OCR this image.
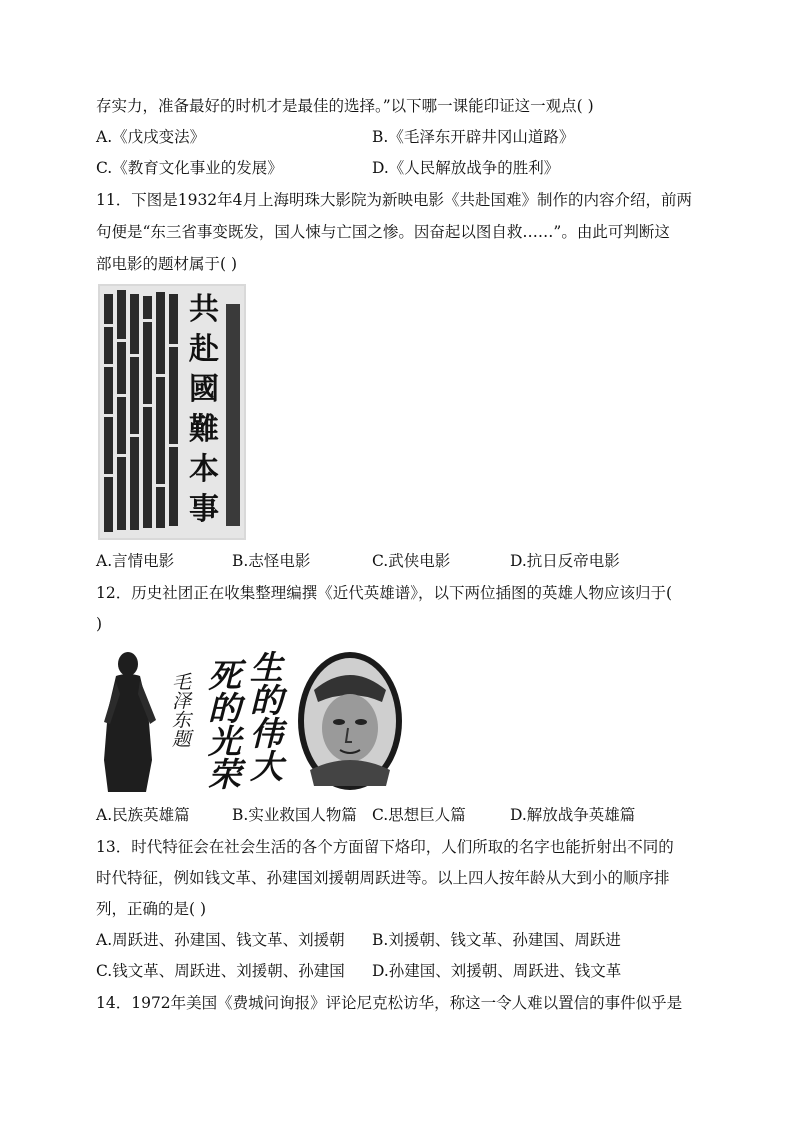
存实力，准备最好的时机才是最佳的选择。”以下哪一课能印证这一观点( )
A.《戊戌变法》	B.《毛泽东开辟井冈山道路》
C.《教育文化事业的发展》	D.《人民解放战争的胜利》
11．下图是1932年4月上海明珠大影院为新映电影《共赴国难》制作的内容介绍，前两
句便是“东三省事变既发，国人悚与亡国之惨。因奋起以图自救……”。由此可判断这
部电影的题材属于( )
共
赴
國
難
本
事
A.言情电影	B.志怪电影	C.武侠电影	D.抗日反帝电影
12．历史社团正在收集整理编撰《近代英雄谱》，以下两位插图的英雄人物应该归于(
)
毛泽东题 死的光荣 生的伟大
A.民族英雄篇	B.实业救国人物篇 C.思想巨人篇	D.解放战争英雄篇
13．时代特征会在社会生活的各个方面留下烙印，人们所取的名字也能折射出不同的
时代特征，例如钱文革、孙建国刘援朝周跃进等。以上四人按年龄从大到小的顺序排
列，正确的是( )
A.周跃进、孙建国、钱文革、刘援朝 B.刘援朝、钱文革、孙建国、周跃进
C.钱文革、周跃进、刘援朝、孙建国 D.孙建国、刘援朝、周跃进、钱文革
14．1972年美国《费城问询报》评论尼克松访华，称这一令人难以置信的事件似乎是
